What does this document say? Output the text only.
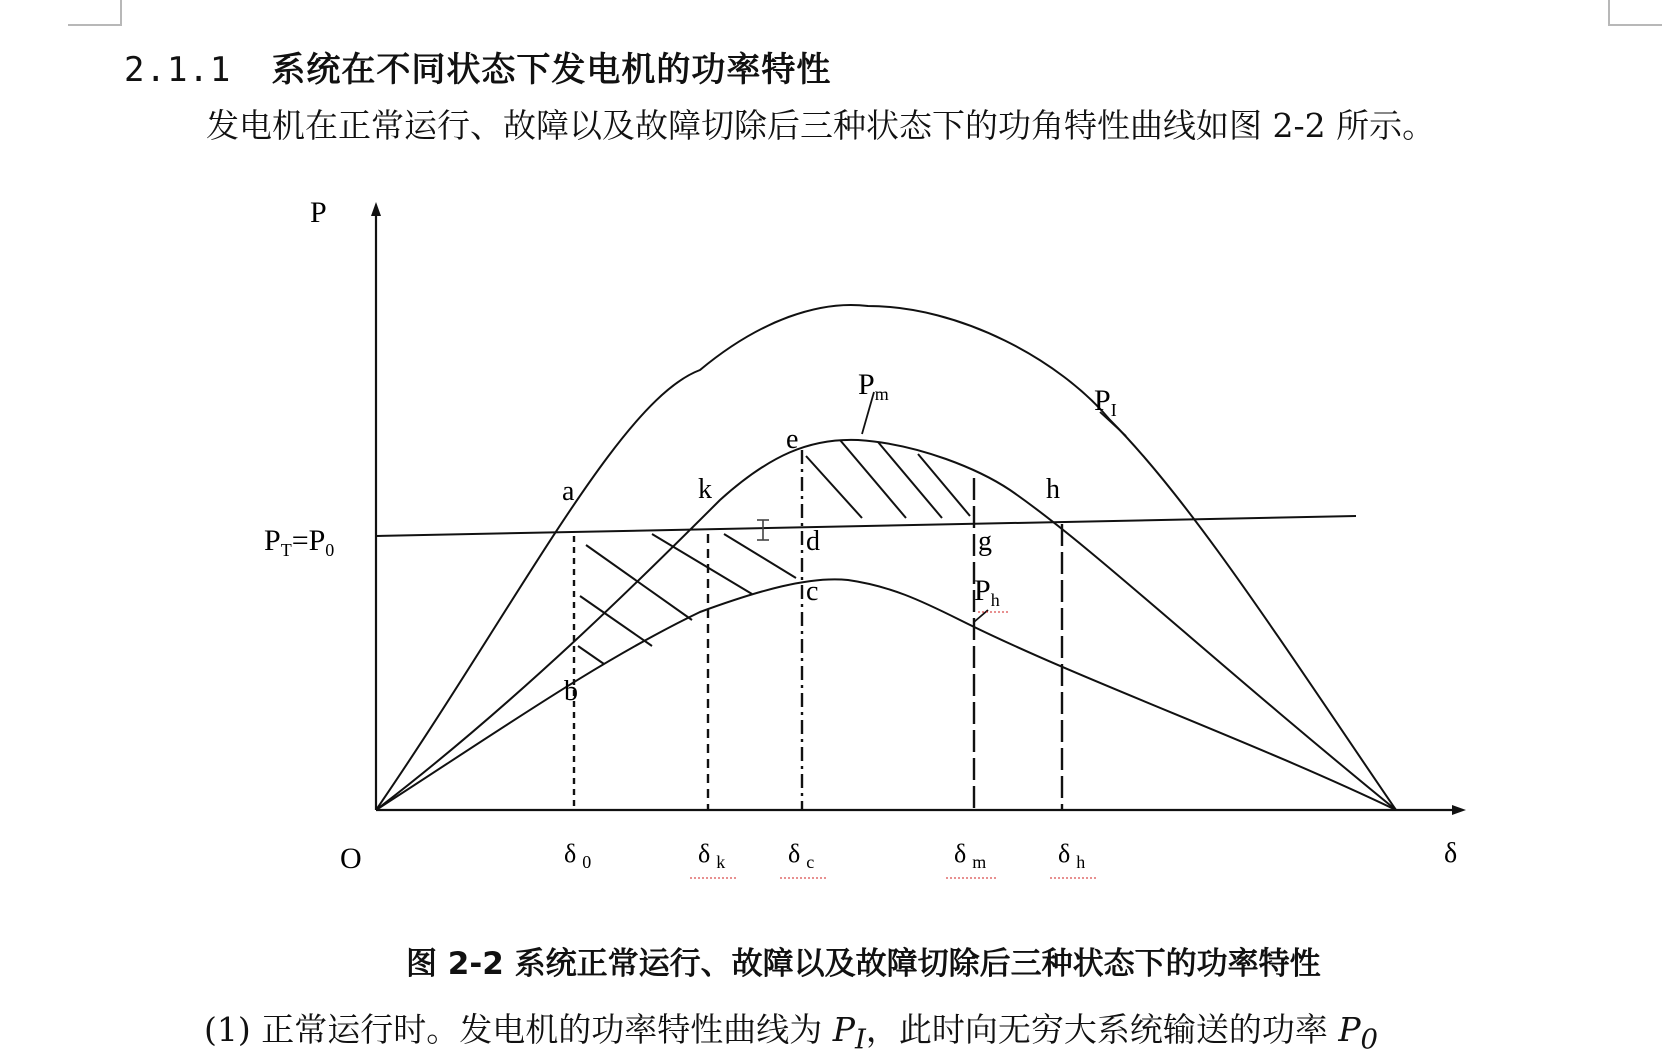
2.1.1 系统在不同状态下发电机的功率特性
发电机在正常运行、故障以及故障切除后三种状态下的功角特性曲线如图 2-2 所示。
P
δ
O
$P_T=P_0$
$P_I$
$P_m$
$P_h$
a
b
c
d
e
g
h
k
δ $_0$	δ $_k$ δ $_c$	δ $_m$	δ $_h$
图 2-2 系统正常运行、故障以及故障切除后三种状态下的功率特性
(1) 正常运行时。发电机的功率特性曲线为 $P_I$，此时向无穷大系统输送的功率 $P_0$
